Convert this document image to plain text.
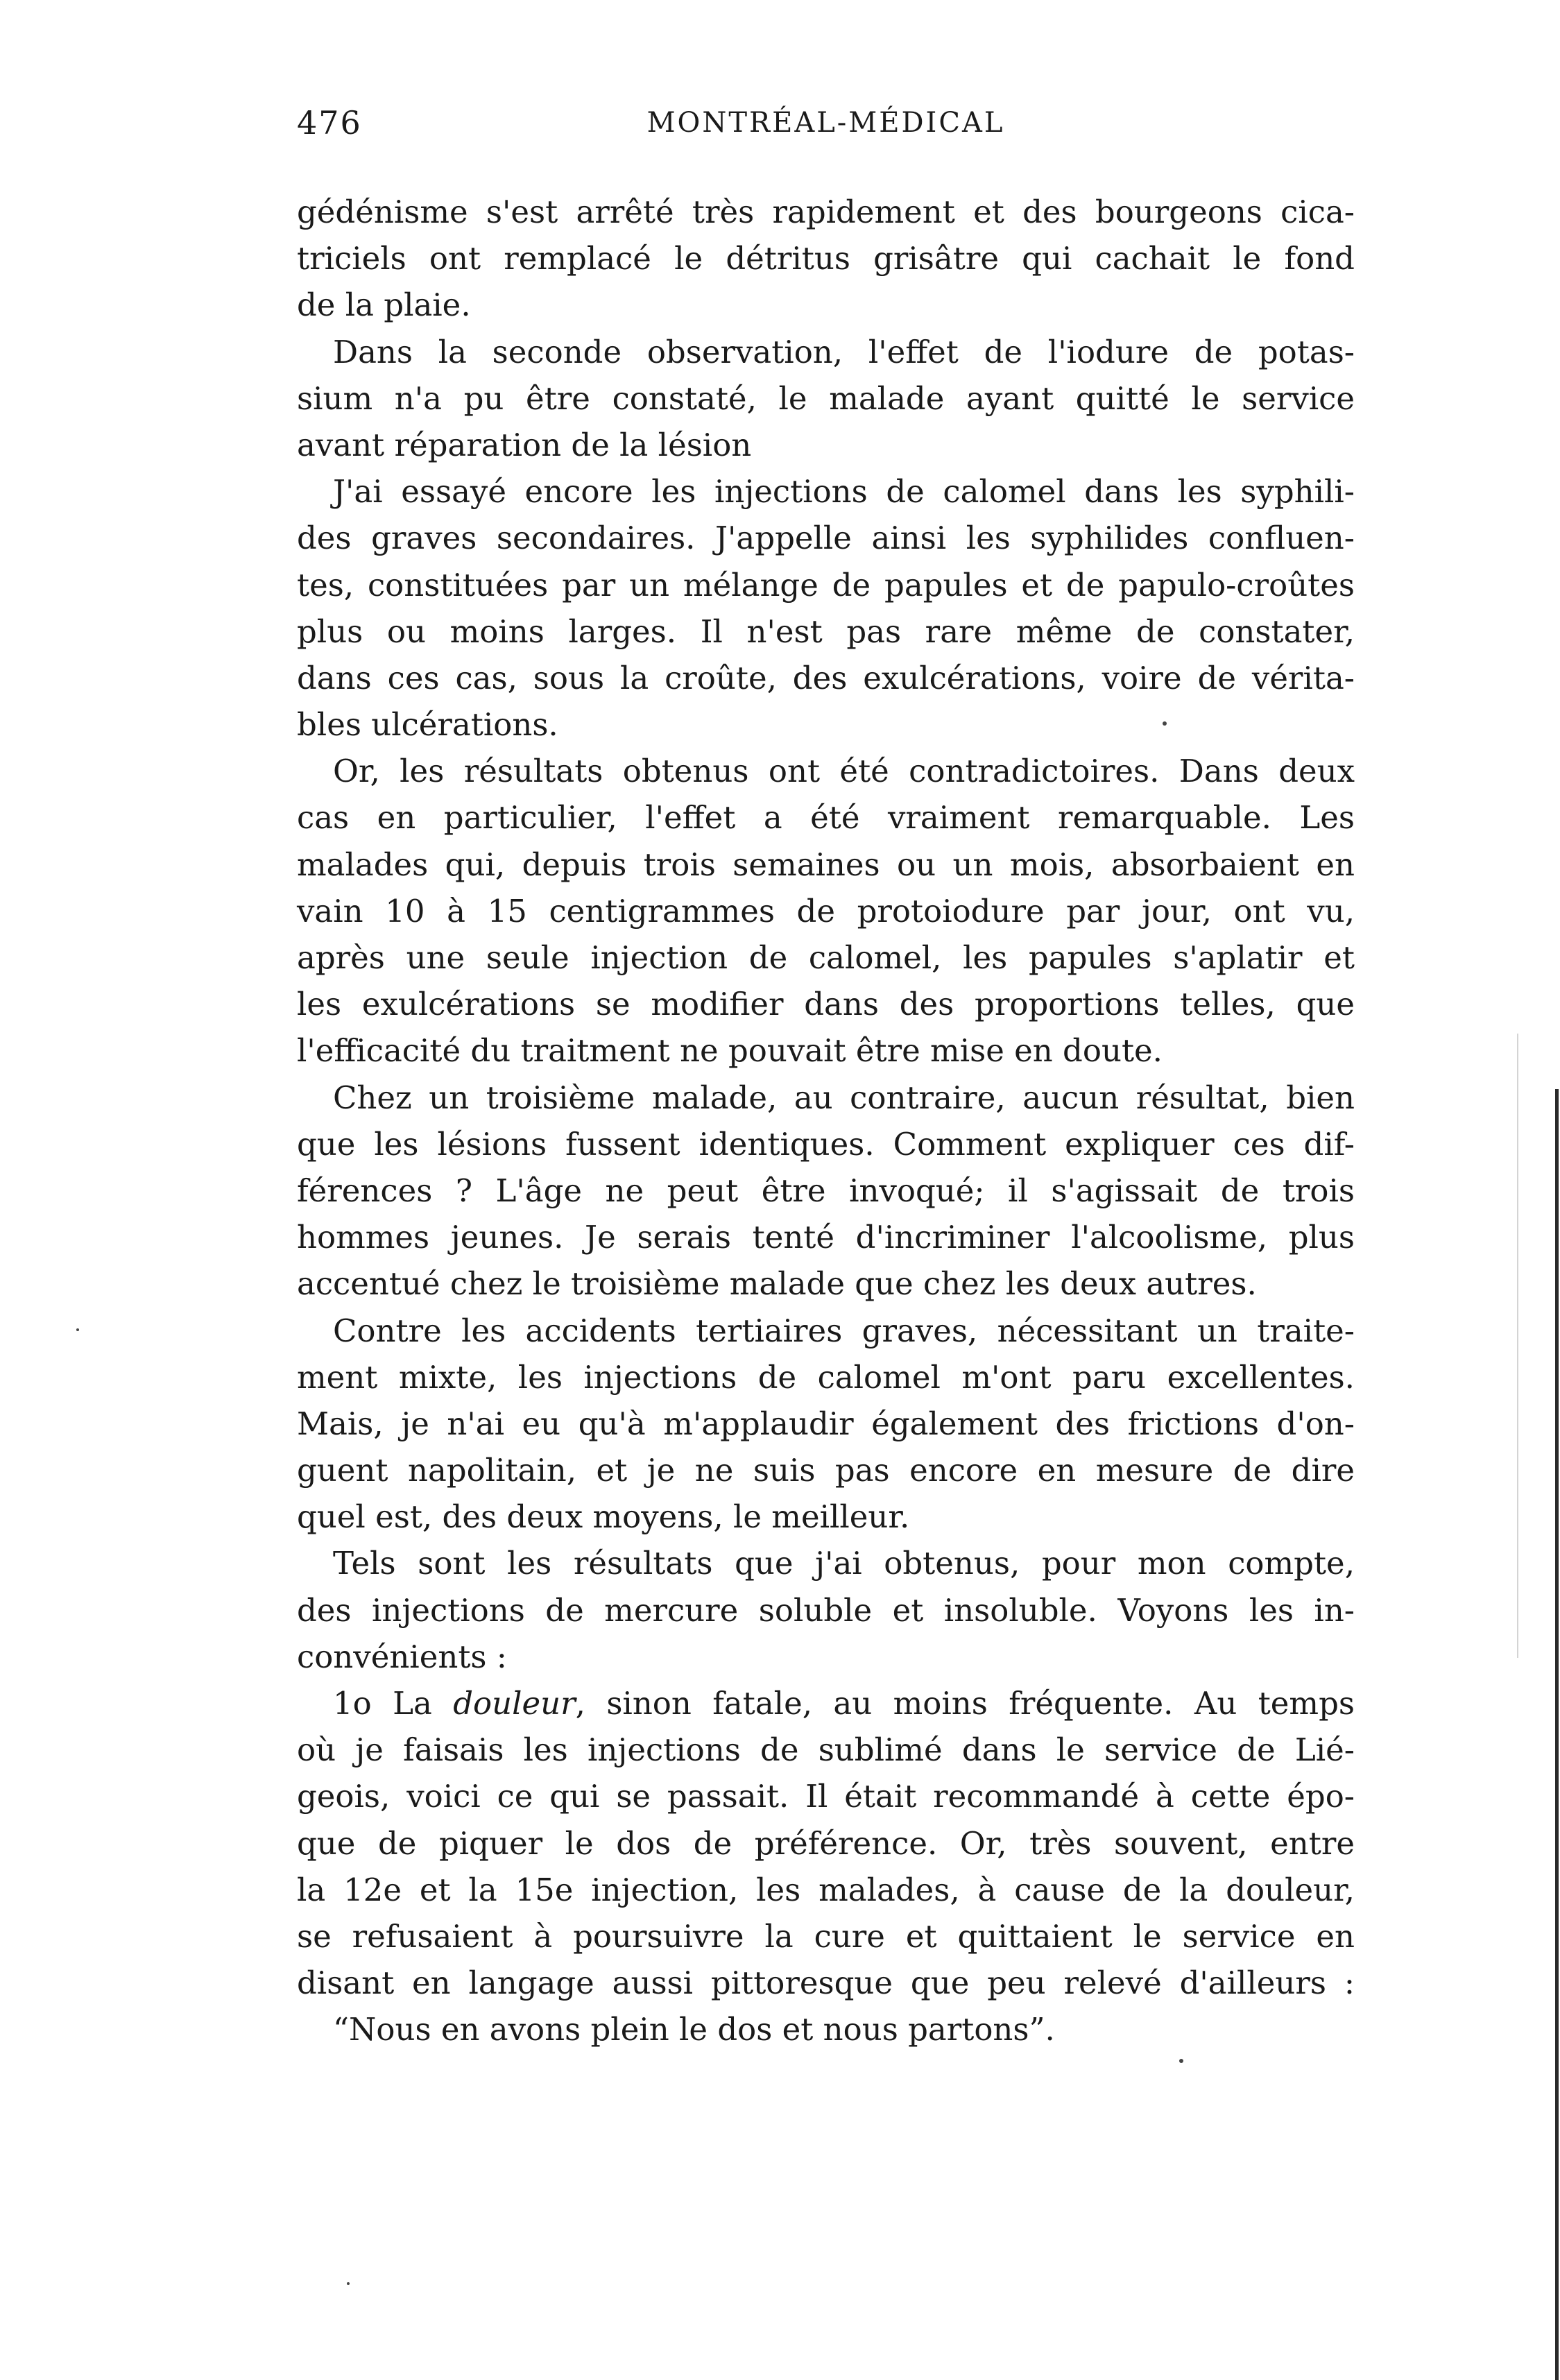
476	MONTRÉAL-MÉDICAL
gédénisme s'est arrêté très rapidement et des bourgeons cica-
triciels ont remplacé le détritus grisâtre qui cachait le fond
de la plaie.
Dans la seconde observation, l'effet de l'iodure de potas-
sium n'a pu être constaté, le malade ayant quitté le service
avant réparation de la lésion
J'ai essayé encore les injections de calomel dans les syphili-
des graves secondaires. J'appelle ainsi les syphilides confluen-
tes, constituées par un mélange de papules et de papulo-croûtes
plus ou moins larges. Il n'est pas rare même de constater,
dans ces cas, sous la croûte, des exulcérations, voire de vérita-
bles ulcérations.
Or, les résultats obtenus ont été contradictoires. Dans deux
cas en particulier, l'effet a été vraiment remarquable. Les
malades qui, depuis trois semaines ou un mois, absorbaient en
vain 10 à 15 centigrammes de protoiodure par jour, ont vu,
après une seule injection de calomel, les papules s'aplatir et
les exulcérations se modifier dans des proportions telles, que
l'efficacité du traitment ne pouvait être mise en doute.
Chez un troisième malade, au contraire, aucun résultat, bien
que les lésions fussent identiques. Comment expliquer ces dif-
férences ? L'âge ne peut être invoqué; il s'agissait de trois
hommes jeunes. Je serais tenté d'incriminer l'alcoolisme, plus
accentué chez le troisième malade que chez les deux autres.
Contre les accidents tertiaires graves, nécessitant un traite-
ment mixte, les injections de calomel m'ont paru excellentes.
Mais, je n'ai eu qu'à m'applaudir également des frictions d'on-
guent napolitain, et je ne suis pas encore en mesure de dire
quel est, des deux moyens, le meilleur.
Tels sont les résultats que j'ai obtenus, pour mon compte,
des injections de mercure soluble et insoluble. Voyons les in-
convénients :
1o La douleur, sinon fatale, au moins fréquente. Au temps
où je faisais les injections de sublimé dans le service de Lié-
geois, voici ce qui se passait. Il était recommandé à cette épo-
que de piquer le dos de préférence. Or, très souvent, entre
la 12e et la 15e injection, les malades, à cause de la douleur,
se refusaient à poursuivre la cure et quittaient le service en
disant en langage aussi pittoresque que peu relevé d'ailleurs :
“Nous en avons plein le dos et nous partons”.
